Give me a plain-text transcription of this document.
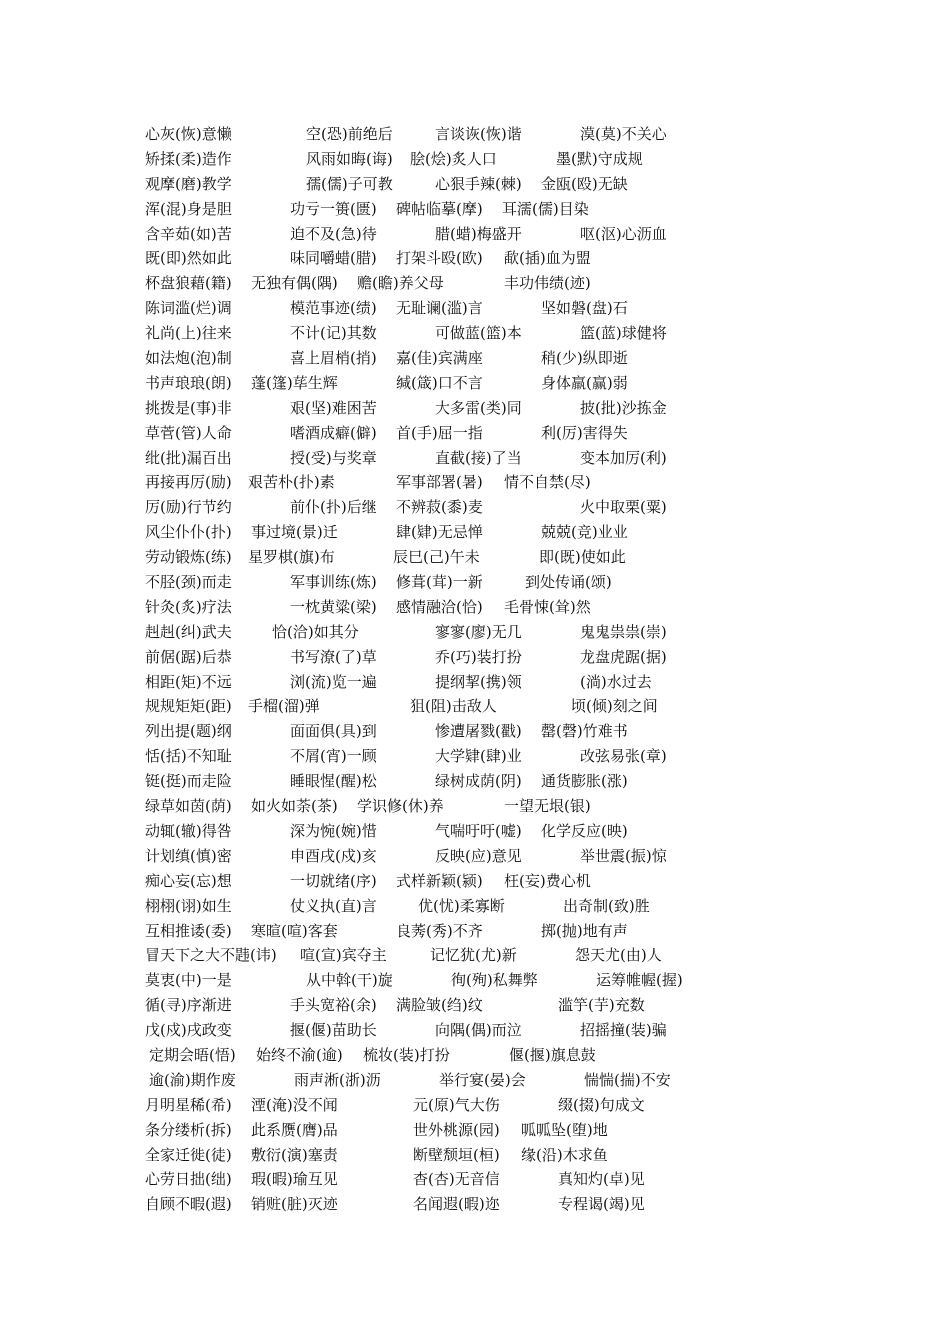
心灰(恢)意懒	空(恐)前绝后	言谈诙(恢)谐	漠(莫)不关心
矫揉(柔)造作	风雨如晦(诲) 脍(烩)炙人口	墨(默)守成规
观摩(磨)教学	孺(儒)子可教	心狠手辣(棘) 金瓯(殴)无缺
浑(混)身是胆	功亏一篑(匮) 碑帖临摹(摩) 耳濡(儒)目染
含辛茹(如)苦	迫不及(急)待	腊(蜡)梅盛开	呕(沤)心沥血
既(即)然如此	味同嚼蜡(腊) 打架斗殴(欧) 歃(插)血为盟
杯盘狼藉(籍) 无独有偶(隅) 赡(瞻)养父母	丰功伟绩(迹)
陈词滥(烂)调	模范事迹(绩) 无耻谰(滥)言	坚如磐(盘)石
礼尚(上)往来	不计(记)其数	可做蓝(篮)本	篮(蓝)球健将
如法炮(泡)制	喜上眉梢(捎) 嘉(佳)宾满座	稍(少)纵即逝
书声琅琅(朗) 蓬(篷)荜生辉	缄(箴)口不言	身体羸(赢)弱
挑拨是(事)非	艰(坚)难困苦	大多雷(类)同	披(批)沙拣金
草菅(管)人命	嗜酒成癖(僻) 首(手)屈一指	利(厉)害得失
纰(批)漏百出	授(受)与奖章	直截(接)了当	变本加厉(利)
再接再厉(励) 艰苦朴(扑)素	军事部署(暑) 情不自禁(尽)
厉(励)行节约	前仆(扑)后继 不辨菽(黍)麦	火中取栗(粟)
风尘仆仆(扑) 事过境(景)迁	肆(肄)无忌惮	兢兢(竞)业业
劳动锻炼(练) 星罗棋(旗)布	辰巳(己)午未	即(既)使如此
不胫(颈)而走	军事训练(炼) 修葺(茸)一新	到处传诵(颂)
针灸(炙)疗法	一枕黄粱(梁) 感情融洽(恰) 毛骨悚(耸)然
赳赳(纠)武夫	恰(洽)如其分	寥寥(廖)无几	鬼鬼祟祟(崇)
前倨(踞)后恭	书写潦(了)草	乔(巧)装打扮	龙盘虎踞(据)
相距(矩)不远	浏(流)览一遍	提纲挈(携)领	(淌)水过去
规规矩矩(距) 手榴(溜)弹	狙(阻)击敌人	顷(倾)刻之间
列出提(题)纲	面面俱(具)到	惨遭屠戮(戳) 罄(磬)竹难书
恬(括)不知耻	不屑(宵)一顾	大学肄(肆)业	改弦易张(章)
铤(挺)而走险	睡眼惺(醒)松	绿树成荫(阴) 通货膨胀(涨)
绿草如茵(荫) 如火如荼(茶) 学识修(休)养	一望无垠(银)
动辄(辙)得咎	深为惋(婉)惜	气喘吁吁(嘘) 化学反应(映)
计划缜(慎)密	申酉戌(戍)亥	反映(应)意见	举世震(振)惊
痴心妄(忘)想	一切就绪(序) 式样新颖(颍) 枉(妄)费心机
栩栩(诩)如生	仗义执(直)言	优(忧)柔寡断	出奇制(致)胜
互相推诿(委) 寒暄(喧)客套	良莠(秀)不齐	掷(抛)地有声
冒天下之大不韪(讳) 喧(宣)宾夺主	记忆犹(尤)新	怨天尤(由)人
莫衷(中)一是	从中斡(干)旋	徇(殉)私舞弊	运筹帷幄(握)
循(寻)序渐进	手头宽裕(余) 满脸皱(绉)纹	滥竽(芋)充数
戊(戍)戌政变	揠(偃)苗助长	向隅(偶)而泣	招摇撞(装)骗
定期会晤(悟) 始终不渝(逾) 梳妆(装)打扮	偃(揠)旗息鼓
逾(渝)期作废	雨声淅(浙)沥	举行宴(晏)会	惴惴(揣)不安
月明星稀(希) 湮(淹)没不闻	元(原)气大伤	缀(掇)句成文
条分缕析(拆) 此系赝(膺)品	世外桃源(园) 呱呱坠(堕)地
全家迁徙(徒) 敷衍(演)塞责	断壁颓垣(桓) 缘(沿)木求鱼
心劳日拙(绌) 瑕(暇)瑜互见	杳(杏)无音信	真知灼(卓)见
自顾不暇(遐) 销赃(脏)灭迹	名闻遐(暇)迩	专程谒(竭)见
